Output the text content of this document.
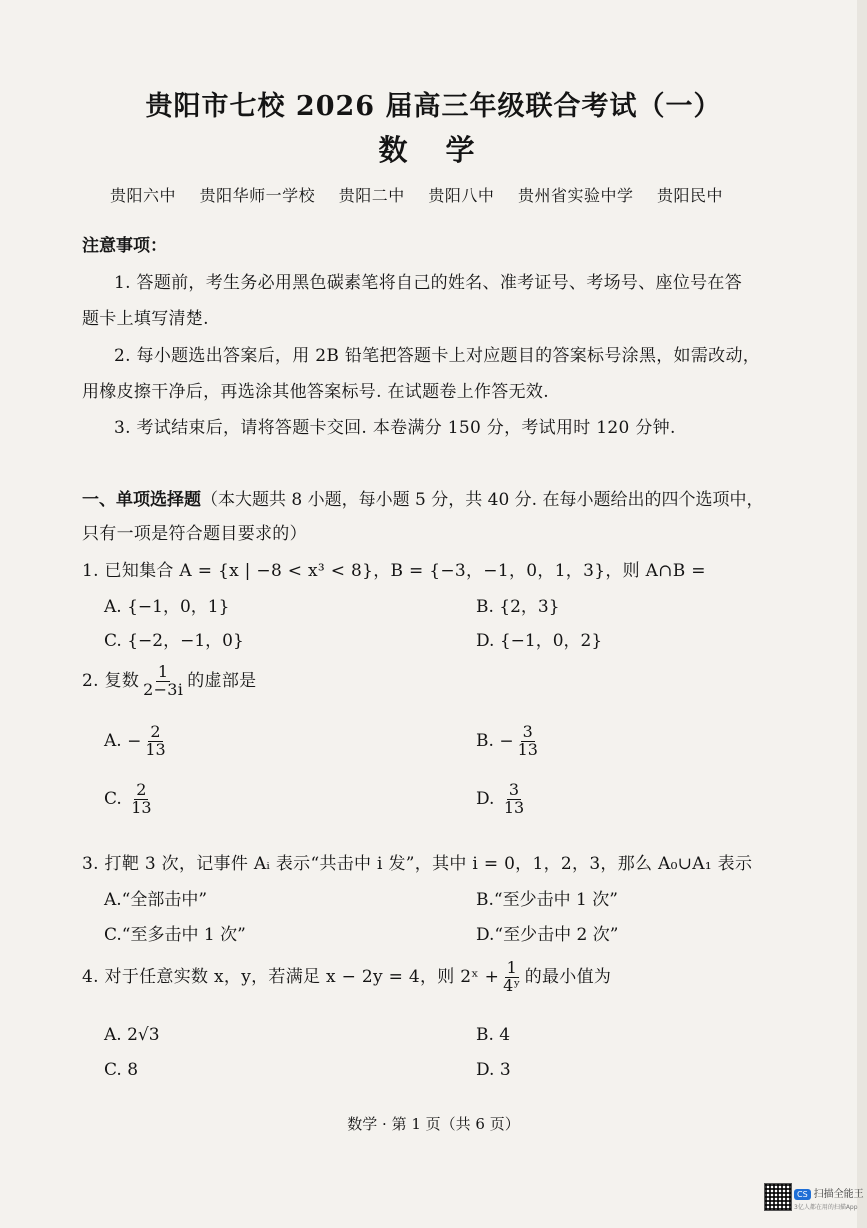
贵阳市七校 2026 届高三年级联合考试（一）
数 学
贵阳六中 贵阳华师一学校 贵阳二中 贵阳八中 贵州省实验中学 贵阳民中
注意事项：
1. 答题前，考生务必用黑色碳素笔将自己的姓名、准考证号、考场号、座位号在答
题卡上填写清楚.
2. 每小题选出答案后，用 2B 铅笔把答题卡上对应题目的答案标号涂黑，如需改动，
用橡皮擦干净后，再选涂其他答案标号. 在试题卷上作答无效.
3. 考试结束后，请将答题卡交回. 本卷满分 150 分，考试用时 120 分钟.
一、单项选择题（本大题共 8 小题，每小题 5 分，共 40 分. 在每小题给出的四个选项中，
只有一项是符合题目要求的）
1. 已知集合 A = {x | −8 < x³ < 8}，B = {−3，−1，0，1，3}，则 A∩B =
A. {−1，0，1}	B. {2，3}
C. {−2，−1，0}	D. {−1，0，2}
2. 复数 $\frac{1}{2-3i}$ 的虚部是
A. − $\frac{2}{13}$	B. − $\frac{3}{13}$
C. $\frac{2}{13}$	D. $\frac{3}{13}$
3. 打靶 3 次，记事件 Aᵢ 表示“共击中 i 发”，其中 i = 0，1，2，3，那么 A₀∪A₁ 表示
A.“全部击中”	B.“至少击中 1 次”
C.“至多击中 1 次”	D.“至少击中 2 次”
4. 对于任意实数 x，y，若满足 x − 2y = 4，则 2ˣ + $\frac{1}{\text{4ʸ}}$ 的最小值为
A. 2√3	B. 4
C. 8	D. 3
数学 · 第 1 页（共 6 页）
CS 扫描全能王
3亿人都在用的扫描App
